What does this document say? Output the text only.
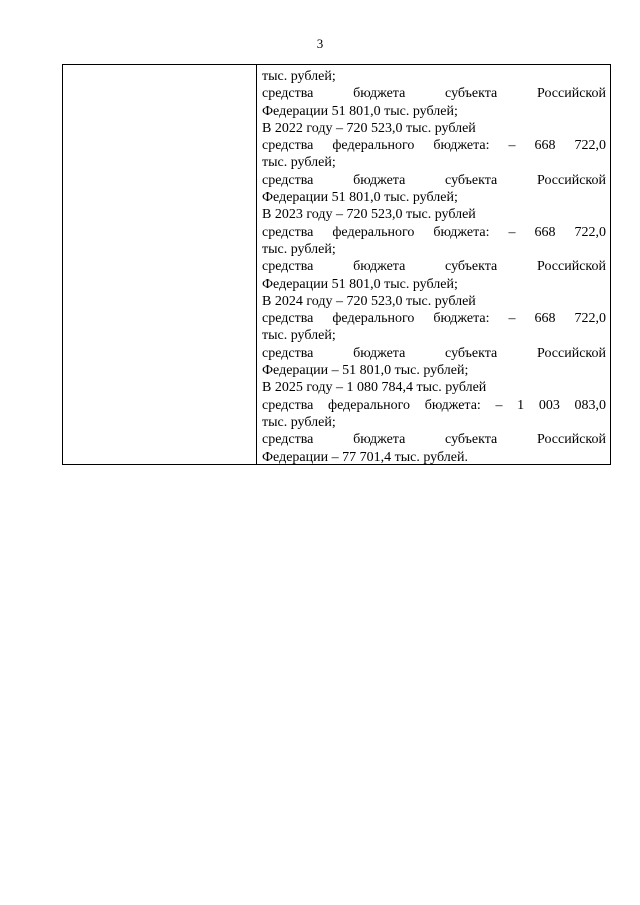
3
тыс. рублей;
средства	бюджета	субъекта	Российской
Федерации 51 801,0 тыс. рублей;
В 2022 году – 720 523,0 тыс. рублей
средства федерального бюджета: – 668 722,0
тыс. рублей;
средства	бюджета	субъекта	Российской
Федерации 51 801,0 тыс. рублей;
В 2023 году – 720 523,0 тыс. рублей
средства федерального бюджета: – 668 722,0
тыс. рублей;
средства	бюджета	субъекта	Российской
Федерации 51 801,0 тыс. рублей;
В 2024 году – 720 523,0 тыс. рублей
средства федерального бюджета: – 668 722,0
тыс. рублей;
средства	бюджета	субъекта	Российской
Федерации – 51 801,0 тыс. рублей;
В 2025 году – 1 080 784,4 тыс. рублей
средства федерального бюджета: – 1 003 083,0
тыс. рублей;
средства	бюджета	субъекта	Российской
Федерации – 77 701,4 тыс. рублей.
